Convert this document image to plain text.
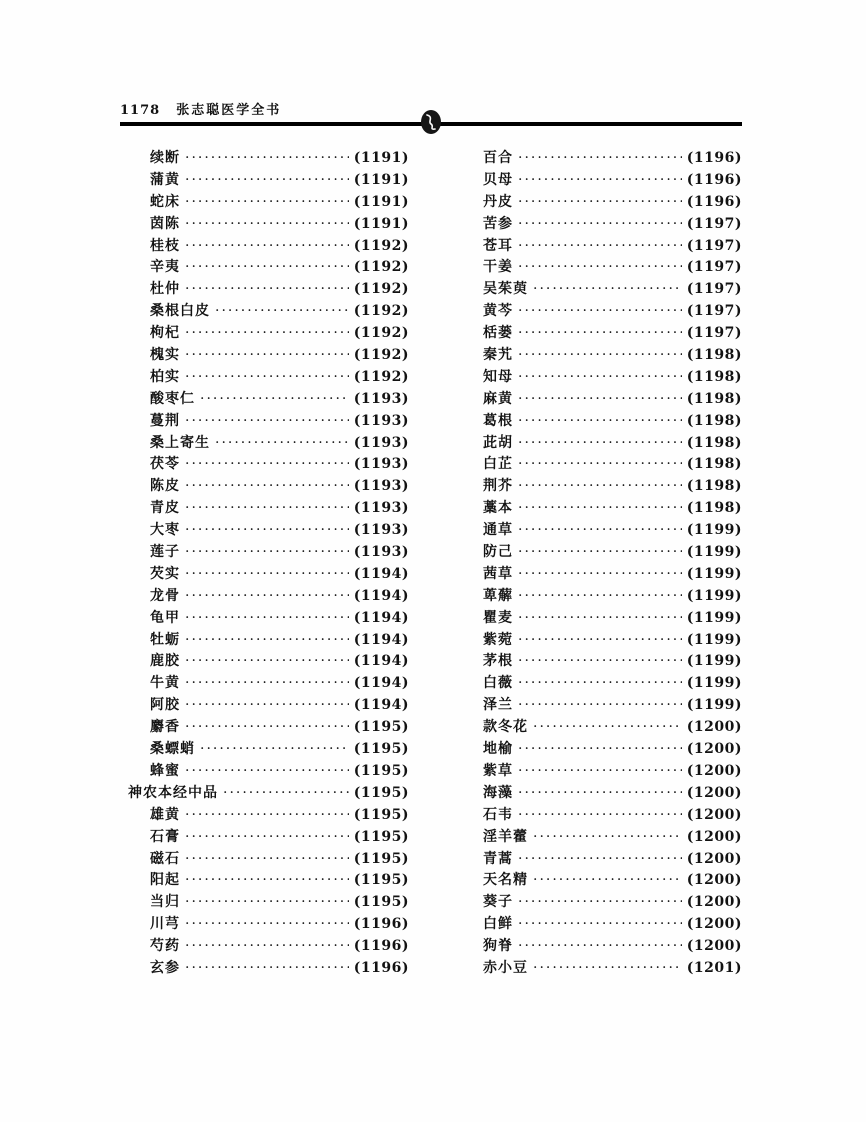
1178 张志聪医学全书
续断 ·····	(1191)
蒲黄 ·····	(1191)
蛇床 ·····	(1191)
茵陈 ·····	(1191)
桂枝 ·····	(1192)
辛夷 ·····	(1192)
杜仲 ·····	(1192)
桑根白皮 ·····	(1192)
枸杞 ·····	(1192)
槐实 ·····	(1192)
柏实 ·····	(1192)
酸枣仁 ·····	(1193)
蔓荆 ·····	(1193)
桑上寄生 ·····	(1193)
茯苓 ·····	(1193)
陈皮 ·····	(1193)
青皮 ·····	(1193)
大枣 ·····	(1193)
莲子 ·····	(1193)
芡实 ·····	(1194)
龙骨 ·····	(1194)
龟甲 ·····	(1194)
牡蛎 ·····	(1194)
鹿胶 ·····	(1194)
牛黄 ·····	(1194)
阿胶 ·····	(1194)
麝香 ·····	(1195)
桑螵蛸 ·····	(1195)
蜂蜜 ·····	(1195)
神农本经中品 ·····	(1195)
雄黄 ·····	(1195)
石膏 ·····	(1195)
磁石 ·····	(1195)
阳起 ·····	(1195)
当归 ·····	(1195)
川芎 ·····	(1196)
芍药 ·····	(1196)
玄参 ·····	(1196)
百合 ·····	(1196)
贝母 ·····	(1196)
丹皮 ·····	(1196)
苦参 ·····	(1197)
苍耳 ·····	(1197)
干姜 ·····	(1197)
吴茱萸 ·····	(1197)
黄芩 ·····	(1197)
栝蒌 ·····	(1197)
秦艽 ·····	(1198)
知母 ·····	(1198)
麻黄 ·····	(1198)
葛根 ·····	(1198)
茈胡 ·····	(1198)
白芷 ·····	(1198)
荆芥 ·····	(1198)
藁本 ·····	(1198)
通草 ·····	(1199)
防己 ·····	(1199)
茜草 ·····	(1199)
萆薢 ·····	(1199)
瞿麦 ·····	(1199)
紫菀 ·····	(1199)
茅根 ·····	(1199)
白薇 ·····	(1199)
泽兰 ·····	(1199)
款冬花 ·····	(1200)
地榆 ·····	(1200)
紫草 ·····	(1200)
海藻 ·····	(1200)
石韦 ·····	(1200)
淫羊藿 ·····	(1200)
青蒿 ·····	(1200)
天名精 ·····	(1200)
葵子 ·····	(1200)
白鲜 ·····	(1200)
狗脊 ·····	(1200)
赤小豆 ·····	(1201)
